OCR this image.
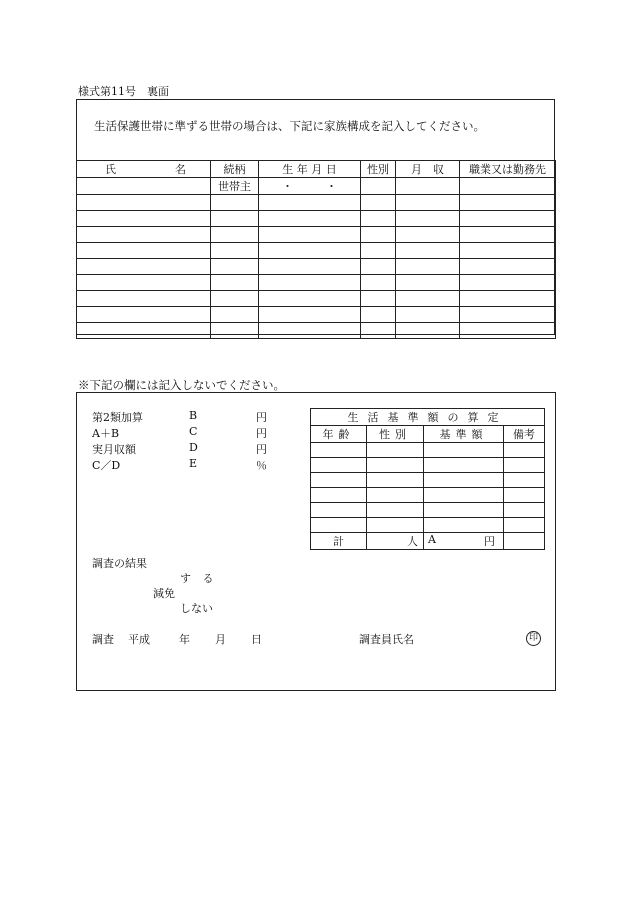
様式第11号　裏面
生活保護世帯に準ずる世帯の場合は、下記に家族構成を記入してください。
氏 名	続柄	生 年 月 日	性別	月　収	職業又は勤務先
	世帯主	・　　　・			

※下記の欄には記入しないでください。
第2類加算	B	円
A＋B	C	円
実月収額	D	円
C／D	E	％
生活基準額の算定			
年齢	性別	基準額	備考

計	人	A 円	

調査の結果
す る
減免
しない
調査 平成	年 月 日	調査員氏名	印
